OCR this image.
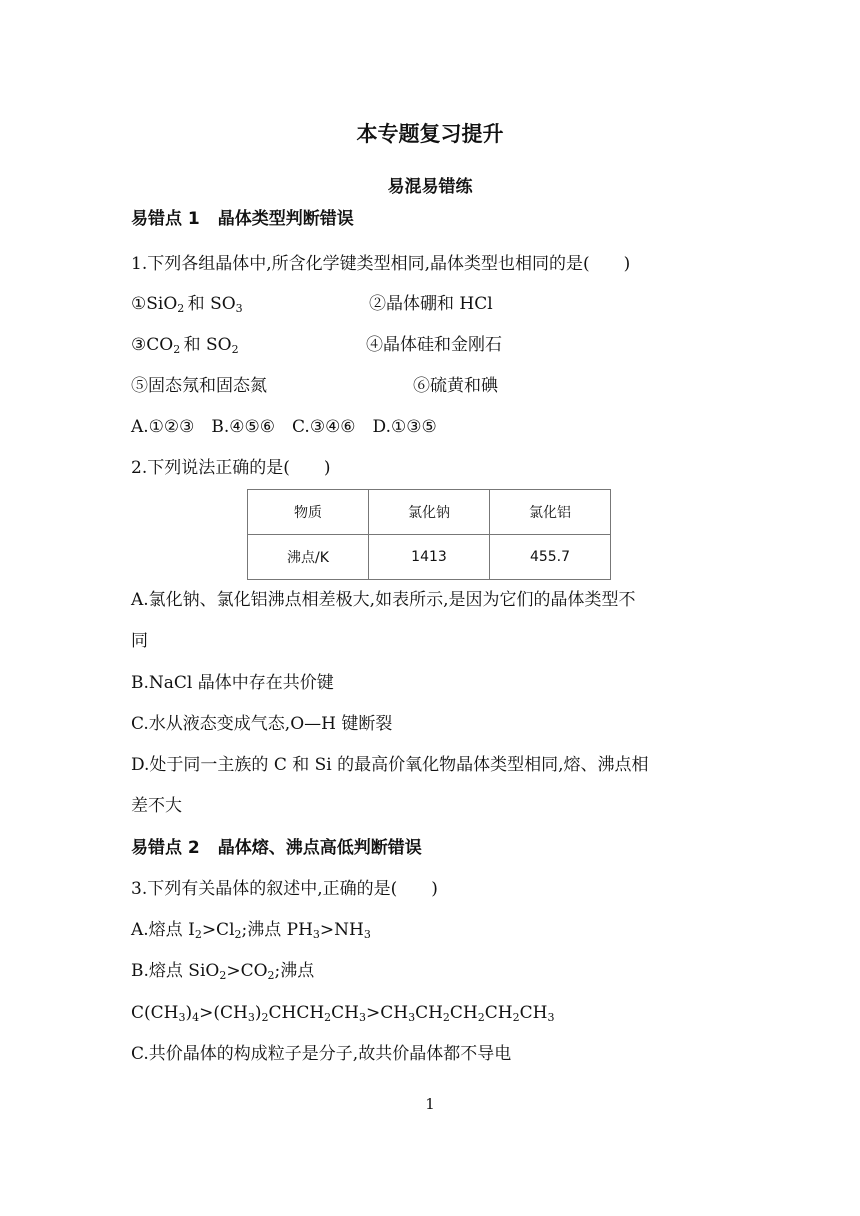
本专题复习提升
易混易错练
易错点 1 晶体类型判断错误
1.下列各组晶体中,所含化学键类型相同,晶体类型也相同的是(　　)
①SiO$_2$  和 $SO_3$	②晶体硼和 HCl
$③CO_2$  和 $SO_2$	④晶体硅和金刚石
⑤固态氖和固态氮	⑥硫黄和碘
A.①②③　B.④⑤⑥　C.③④⑥　D.①③⑤
2.下列说法正确的是(　　)
物质	氯化钠	氯化铝
沸点/K	1413	455.7
A.氯化钠、氯化铝沸点相差极大,如表所示,是因为它们的晶体类型不
同
B.NaCl 晶体中存在共价键
C.水从液态变成气态,O—H 键断裂
D.处于同一主族的 C 和 Si 的最高价氧化物晶体类型相同,熔、沸点相
差不大
易错点 2 晶体熔、沸点高低判断错误
3.下列有关晶体的叙述中,正确的是(　　)
A.熔点 $I_2>Cl_2$;沸点 $PH_3>NH_3$
B.熔点 $SiO_2>CO_2$;沸点
$C(CH_3)_4>(CH_3)_2CHCH_2CH_3>CH_3CH_2CH_2CH_2CH_3$
C.共价晶体的构成粒子是分子,故共价晶体都不导电
1
